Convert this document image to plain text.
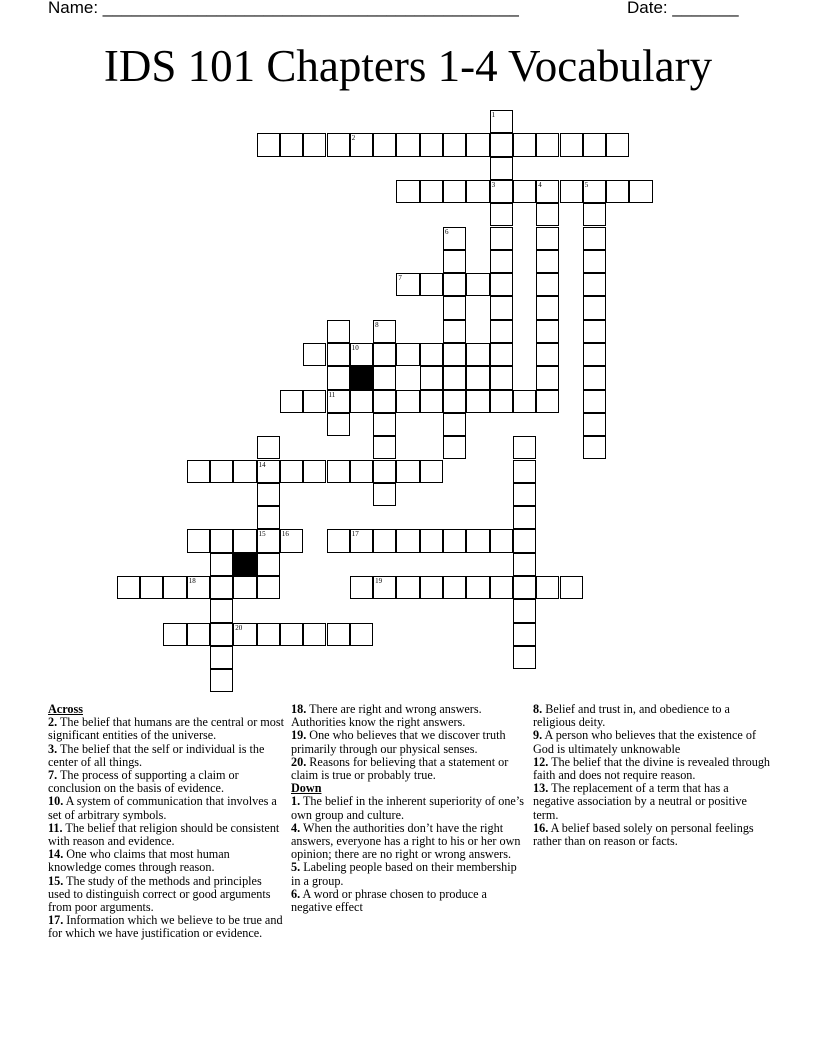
Name: ____________________________________________	Date: _______
IDS 101 Chapters 1-4 Vocabulary
2
3	4	5
7
10
11
14
15 16	17
18	19
20
1
6
8

Across

2. The belief that humans are the central or most significant entities of the universe.

3. The belief that the self or individual is the center of all things.

7. The process of supporting a claim or conclusion on the basis of evidence.

10. A system of communication that involves a set of arbitrary symbols.

11. The belief that religion should be consistent with reason and evidence.

14. One who claims that most human knowledge comes through reason.

15. The study of the methods and principles used to distinguish correct or good arguments from poor arguments.

17. Information which we believe to be true and for which we have justification or evidence.

18. There are right and wrong answers. Authorities know the right answers.

19. One who believes that we discover truth primarily through our physical senses.

20. Reasons for believing that a statement or claim is true or probably true.

Down

1. The belief in the inherent superiority of one’s own group and culture.

4. When the authorities don’t have the right answers, everyone has a right to his or her own opinion; there are no right or wrong answers.

5. Labeling people based on their membership in a group.

6. A word or phrase chosen to produce a negative effect

8. Belief and trust in, and obedience to a religious deity.

9. A person who believes that the existence of God is ultimately unknowable

12. The belief that the divine is revealed through faith and does not require reason.

13. The replacement of a term that has a negative association by a neutral or positive term.

16. A belief based solely on personal feelings rather than on reason or facts.
